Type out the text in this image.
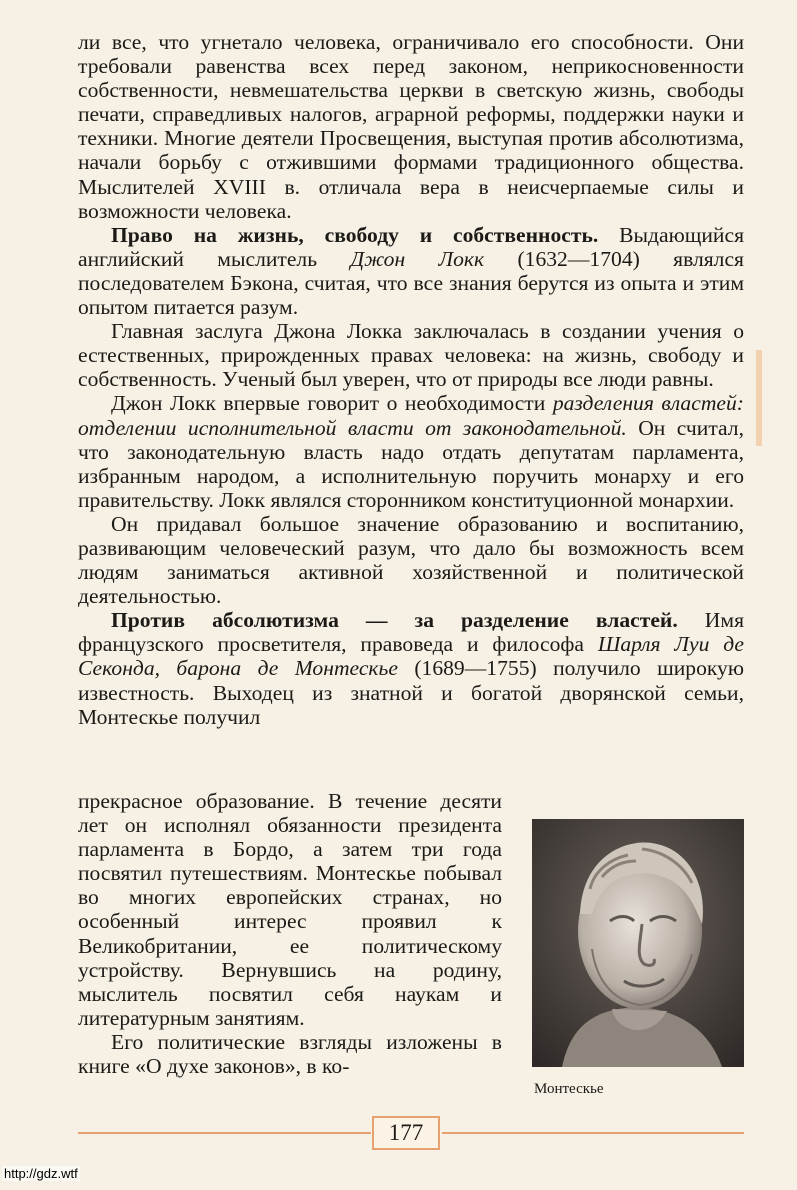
ли все, что угнетало человека, ограничивало его способности. Они требовали равенства всех перед законом, неприкосновенности собственности, невмешательства церкви в светскую жизнь, свободы печати, справедливых налогов, аграрной реформы, поддержки науки и техники. Многие деятели Просвещения, выступая против абсолютизма, начали борьбу с отжившими формами традиционного общества. Мыслителей XVIII в. отличала вера в неисчерпаемые силы и возможности человека.

Право на жизнь, свободу и собственность. Выдающийся английский мыслитель Джон Локк (1632—1704) являлся последователем Бэкона, считая, что все знания берутся из опыта и этим опытом питается разум.

Главная заслуга Джона Локка заключалась в создании учения о естественных, прирожденных правах человека: на жизнь, свободу и собственность. Ученый был уверен, что от природы все люди равны.

Джон Локк впервые говорит о необходимости разделения властей: отделении исполнительной власти от законодательной. Он считал, что законодательную власть надо отдать депутатам парламента, избранным народом, а исполнительную поручить монарху и его правительству. Локк являлся сторонником конституционной монархии.

Он придавал большое значение образованию и воспитанию, развивающим человеческий разум, что дало бы возможность всем людям заниматься активной хозяйственной и политической деятельностью.

Против абсолютизма — за разделение властей. Имя французского просветителя, правоведа и философа Шарля Луи де Секонда, барона де Монтескье (1689—1755) получило широкую известность. Выходец из знатной и богатой дворянской семьи, Монтескье получил

прекрасное образование. В течение десяти лет он исполнял обязанности президента парламента в Бордо, а затем три года посвятил путешествиям. Монтескье побывал во многих европейских странах, но особенный интерес проявил к Великобритании, ее политическому устройству. Вернувшись на родину, мыслитель посвятил себя наукам и литературным занятиям.

Его политические взгляды изложены в книге «О духе законов», в ко-

Монтескье
177
http://gdz.wtf
